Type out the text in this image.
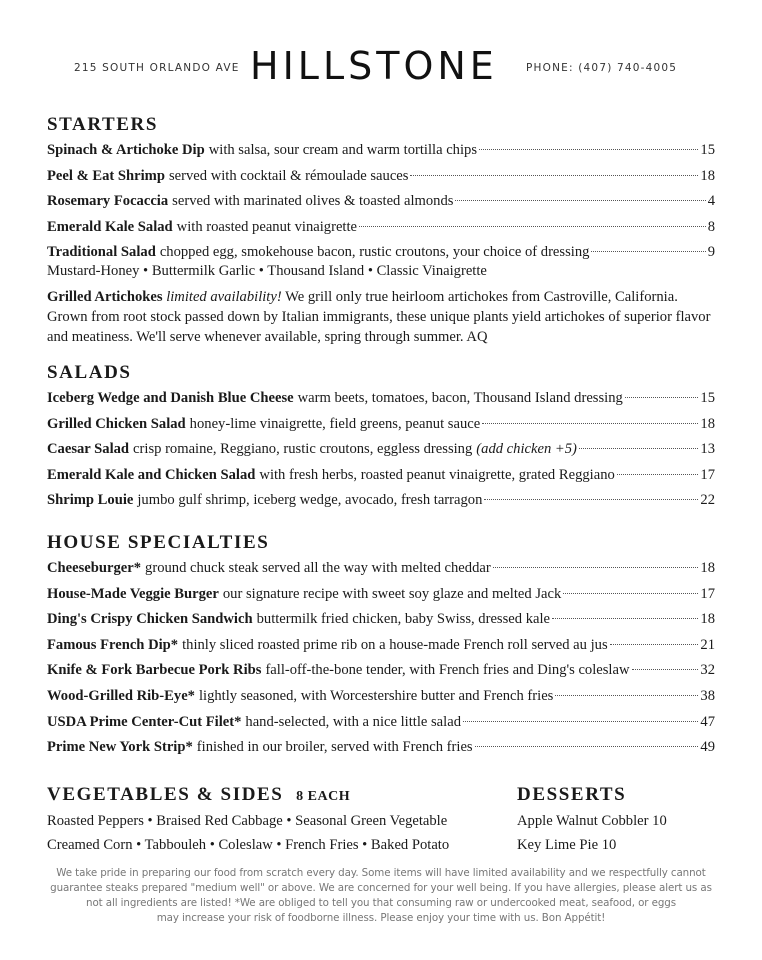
215 SOUTH ORLANDO AVE HILLSTONE	PHONE: (407) 740-4005
STARTERS
Spinach & Artichoke Dip with salsa, sour cream and warm tortilla chips	15
Peel & Eat Shrimp served with cocktail & rémoulade sauces	18
Rosemary Focaccia served with marinated olives & toasted almonds	4
Emerald Kale Salad with roasted peanut vinaigrette	8
Traditional Salad chopped egg, smokehouse bacon, rustic croutons, your choice of dressing	9
Mustard-Honey • Buttermilk Garlic • Thousand Island • Classic Vinaigrette
Grilled Artichokes limited availability! We grill only true heirloom artichokes from Castroville, California. Grown from root stock passed down by Italian immigrants, these unique plants yield artichokes of superior flavor and meatiness. We'll serve whenever available, spring through summer. AQ
SALADS
Iceberg Wedge and Danish Blue Cheese warm beets, tomatoes, bacon, Thousand Island dressing	15
Grilled Chicken Salad honey-lime vinaigrette, field greens, peanut sauce	18
Caesar Salad crisp romaine, Reggiano, rustic croutons, eggless dressing (add chicken +5)	13
Emerald Kale and Chicken Salad with fresh herbs, roasted peanut vinaigrette, grated Reggiano	17
Shrimp Louie jumbo gulf shrimp, iceberg wedge, avocado, fresh tarragon	22
HOUSE SPECIALTIES
Cheeseburger* ground chuck steak served all the way with melted cheddar	18
House-Made Veggie Burger our signature recipe with sweet soy glaze and melted Jack	17
Ding's Crispy Chicken Sandwich buttermilk fried chicken, baby Swiss, dressed kale	18
Famous French Dip* thinly sliced roasted prime rib on a house-made French roll served au jus	21
Knife & Fork Barbecue Pork Ribs fall-off-the-bone tender, with French fries and Ding's coleslaw	32
Wood-Grilled Rib-Eye* lightly seasoned, with Worcestershire butter and French fries	38
USDA Prime Center-Cut Filet* hand-selected, with a nice little salad	47
Prime New York Strip* finished in our broiler, served with French fries	49
VEGETABLES & SIDES 8 EACH
Roasted Peppers • Braised Red Cabbage • Seasonal Green Vegetable
Creamed Corn • Tabbouleh • Coleslaw • French Fries • Baked Potato
DESSERTS
Apple Walnut Cobbler 10
Key Lime Pie 10
We take pride in preparing our food from scratch every day. Some items will have limited availability and we respectfully cannot
guarantee steaks prepared "medium well" or above. We are concerned for your well being. If you have allergies, please alert us as
not all ingredients are listed! *We are obliged to tell you that consuming raw or undercooked meat, seafood, or eggs
may increase your risk of foodborne illness. Please enjoy your time with us. Bon Appétit!
